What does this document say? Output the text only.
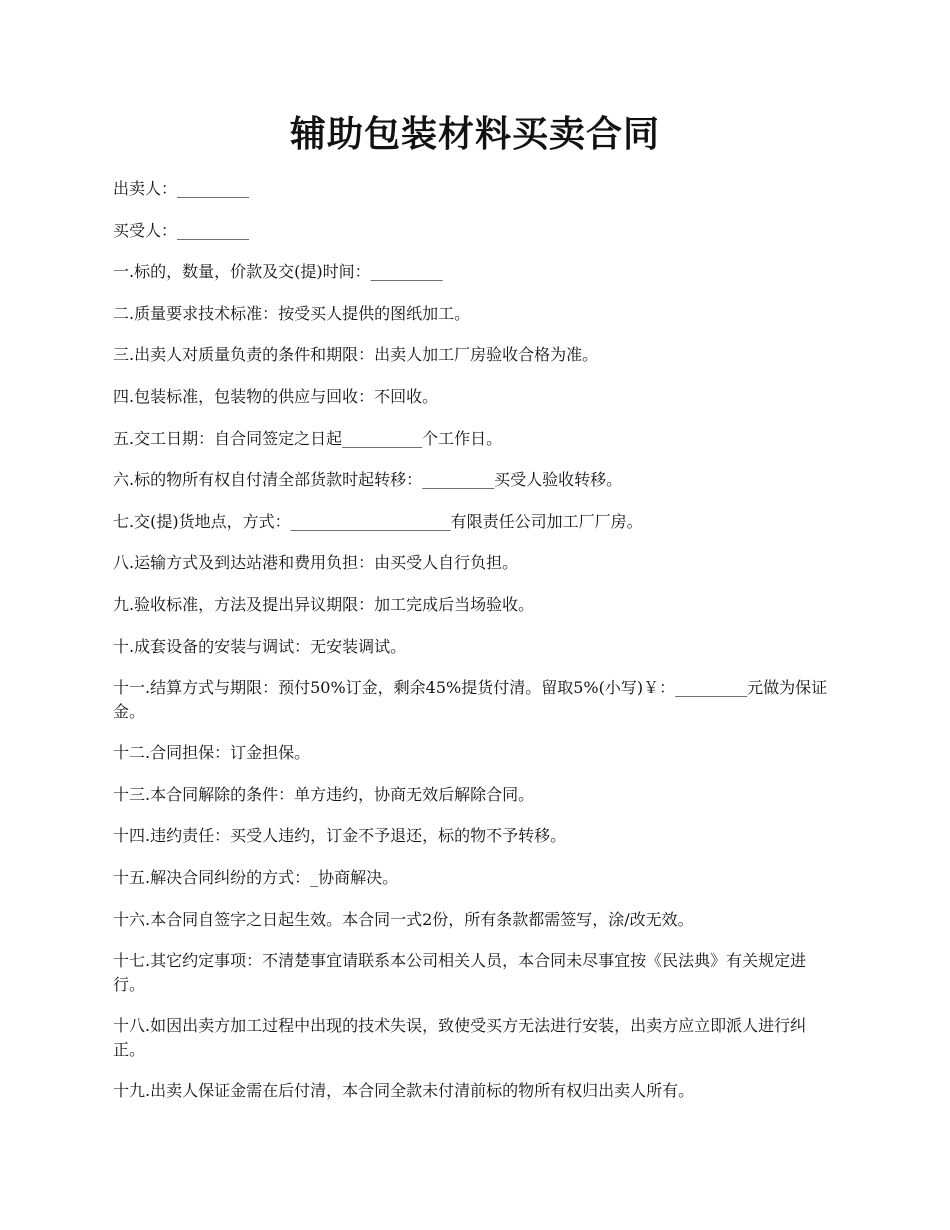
辅助包装材料买卖合同

出卖人：_________

买受人：_________

一.标的，数量，价款及交(提)时间：_________

二.质量要求技术标准：按受买人提供的图纸加工。

三.出卖人对质量负责的条件和期限：出卖人加工厂房验收合格为准。

四.包装标准，包装物的供应与回收：不回收。

五.交工日期：自合同签定之日起__________个工作日。

六.标的物所有权自付清全部货款时起转移：_________买受人验收转移。

七.交(提)货地点，方式：____________________有限责任公司加工厂厂房。

八.运输方式及到达站港和费用负担：由买受人自行负担。

九.验收标准，方法及提出异议期限：加工完成后当场验收。

十.成套设备的安装与调试：无安装调试。

十一.结算方式与期限：预付50%订金，剩余45%提货付清。留取5%(小写)￥：_________元做为保证金。

十二.合同担保：订金担保。

十三.本合同解除的条件：单方违约，协商无效后解除合同。

十四.违约责任：买受人违约，订金不予退还，标的物不予转移。

十五.解决合同纠纷的方式：_协商解决。

十六.本合同自签字之日起生效。本合同一式2份，所有条款都需签写，涂/改无效。

十七.其它约定事项：不清楚事宜请联系本公司相关人员，本合同未尽事宜按《民法典》有关规定进行。

十八.如因出卖方加工过程中出现的技术失误，致使受买方无法进行安装，出卖方应立即派人进行纠正。

十九.出卖人保证金需在后付清，本合同全款未付清前标的物所有权归出卖人所有。
